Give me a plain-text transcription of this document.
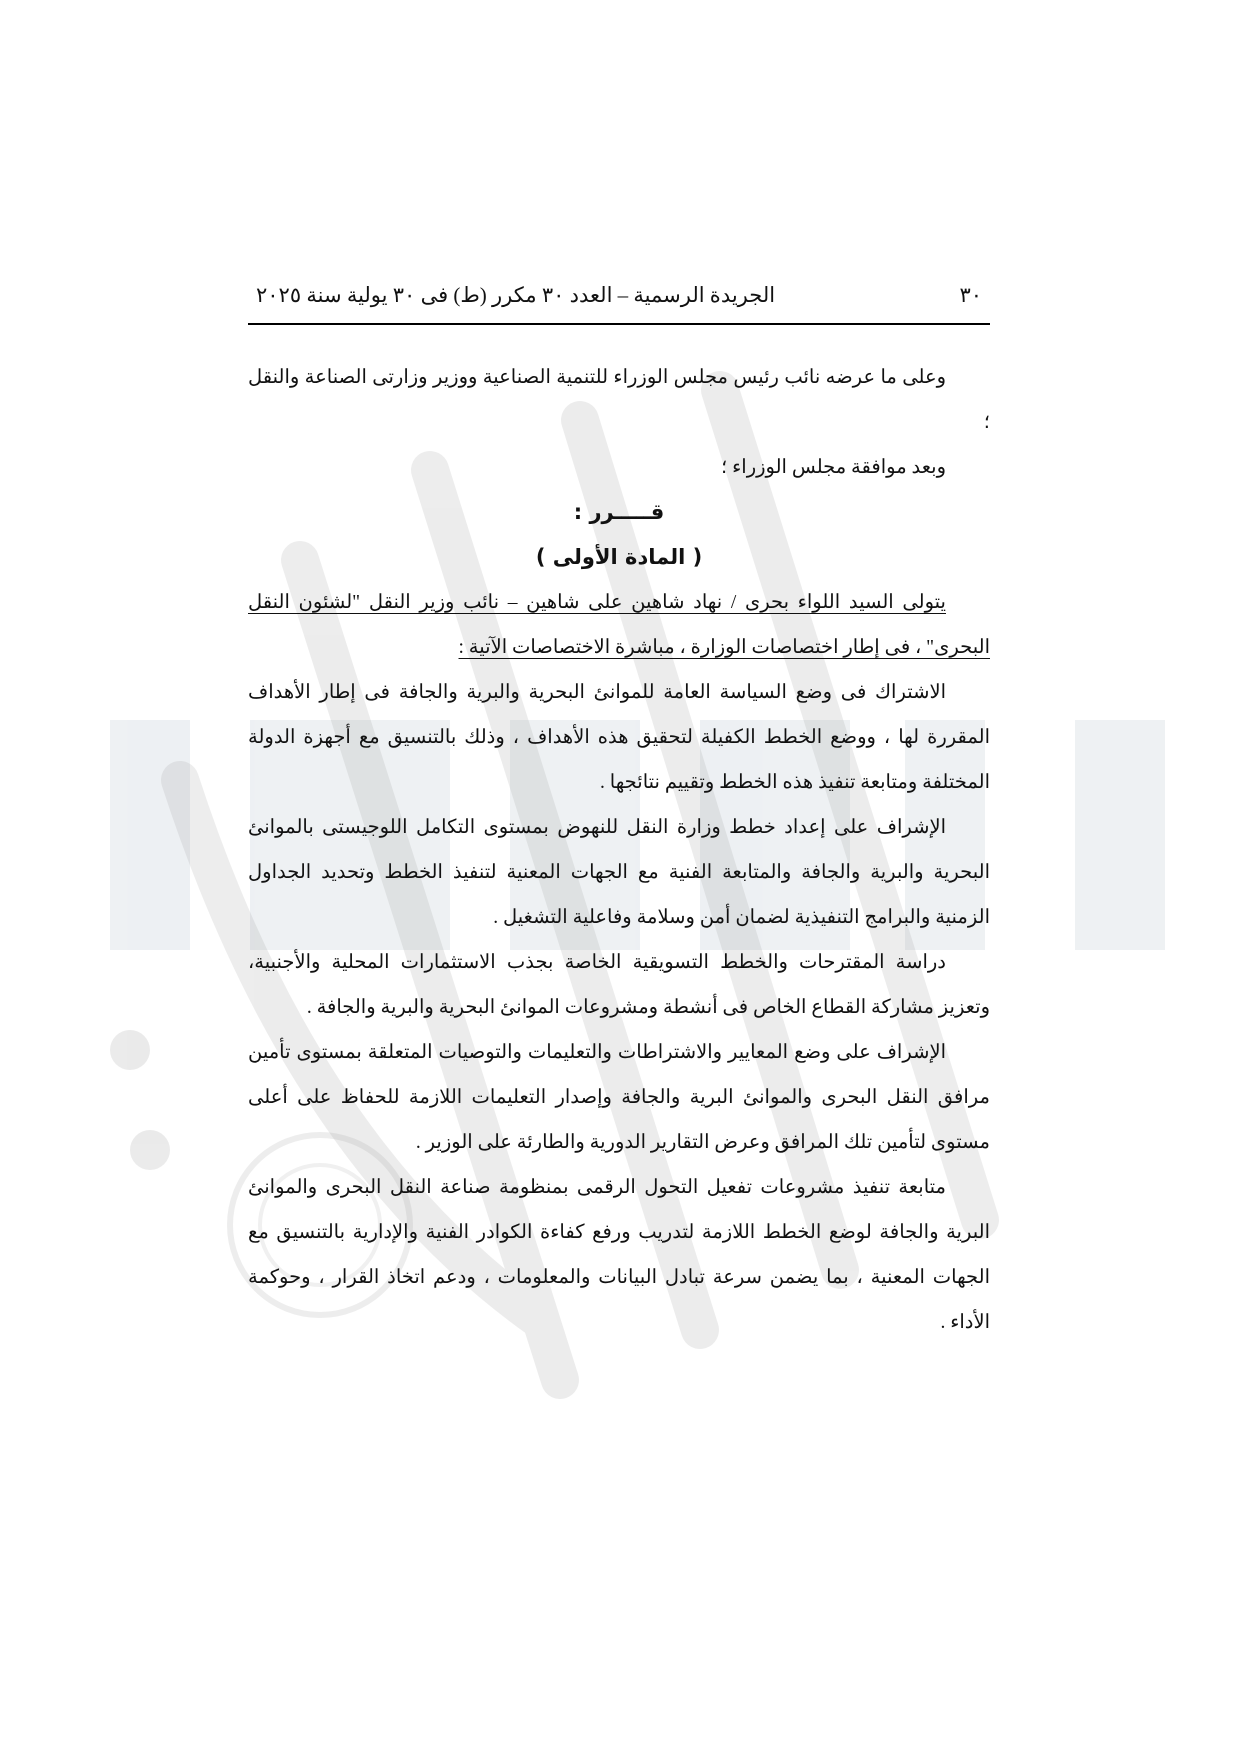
٣٠
الجريدة الرسمية – العدد ٣٠ مكرر (ط) فى ٣٠ يولية سنة ٢٠٢٥

وعلى ما عرضه نائب رئيس مجلس الوزراء للتنمية الصناعية ووزير وزارتى الصناعة والنقل ؛

وبعد موافقة مجلس الوزراء ؛

قـــــرر :

( المادة الأولى )

يتولى السيد اللواء بحرى / نهاد شاهين على شاهين – نائب وزير النقل "لشئون النقل البحرى" ، فى إطار اختصاصات الوزارة ، مباشرة الاختصاصات الآتية :

الاشتراك فى وضع السياسة العامة للموانئ البحرية والبرية والجافة فى إطار الأهداف المقررة لها ، ووضع الخطط الكفيلة لتحقيق هذه الأهداف ، وذلك بالتنسيق مع أجهزة الدولة المختلفة ومتابعة تنفيذ هذه الخطط وتقييم نتائجها .

الإشراف على إعداد خطط وزارة النقل للنهوض بمستوى التكامل اللوجيستى بالموانئ البحرية والبرية والجافة والمتابعة الفنية مع الجهات المعنية لتنفيذ الخطط وتحديد الجداول الزمنية والبرامج التنفيذية لضمان أمن وسلامة وفاعلية التشغيل .

دراسة المقترحات والخطط التسويقية الخاصة بجذب الاستثمارات المحلية والأجنبية، وتعزيز مشاركة القطاع الخاص فى أنشطة ومشروعات الموانئ البحرية والبرية والجافة .

الإشراف على وضع المعايير والاشتراطات والتعليمات والتوصيات المتعلقة بمستوى تأمين مرافق النقل البحرى والموانئ البرية والجافة وإصدار التعليمات اللازمة للحفاظ على أعلى مستوى لتأمين تلك المرافق وعرض التقارير الدورية والطارئة على الوزير .

متابعة تنفيذ مشروعات تفعيل التحول الرقمى بمنظومة صناعة النقل البحرى والموانئ البرية والجافة لوضع الخطط اللازمة لتدريب ورفع كفاءة الكوادر الفنية والإدارية بالتنسيق مع الجهات المعنية ، بما يضمن سرعة تبادل البيانات والمعلومات ، ودعم اتخاذ القرار ، وحوكمة الأداء .
